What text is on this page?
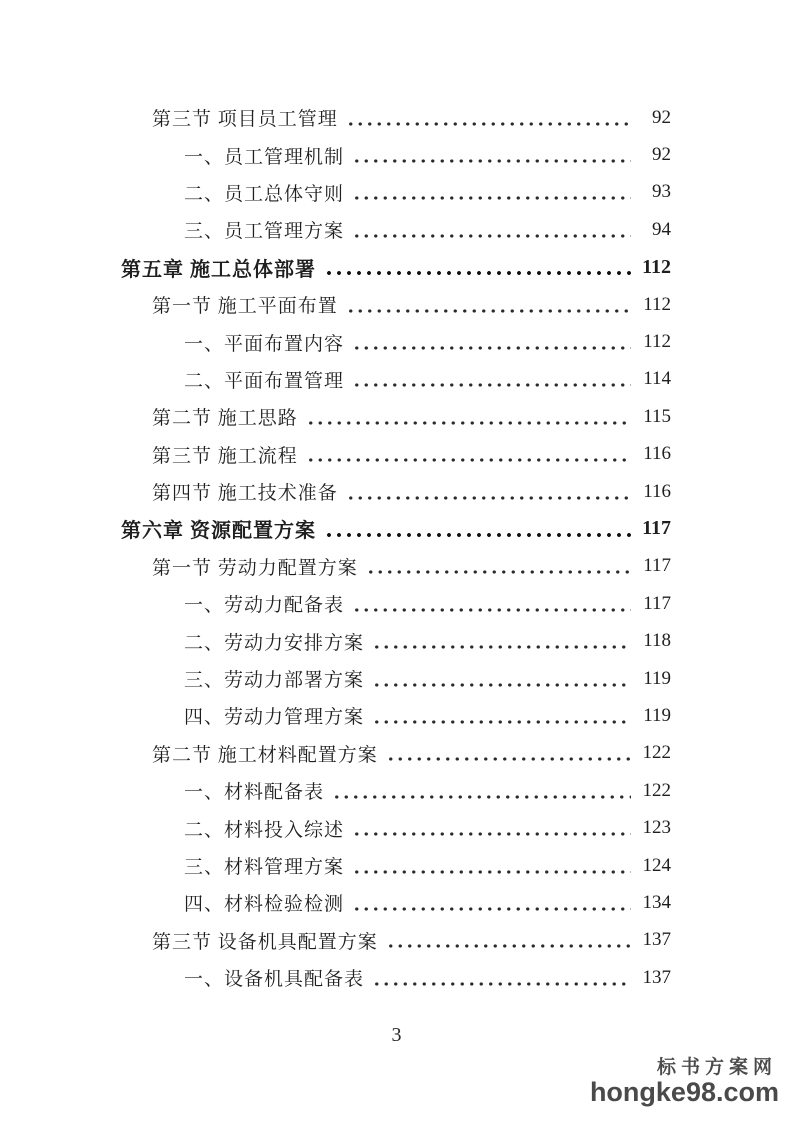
第三节 项目员工管理	92
一、员工管理机制	92
二、员工总体守则	93
三、员工管理方案	94
第五章 施工总体部署	112
第一节 施工平面布置	112
一、平面布置内容	112
二、平面布置管理	114
第二节 施工思路	115
第三节 施工流程	116
第四节 施工技术准备	116
第六章 资源配置方案	117
第一节 劳动力配置方案	117
一、劳动力配备表	117
二、劳动力安排方案	118
三、劳动力部署方案	119
四、劳动力管理方案	119
第二节 施工材料配置方案	122
一、材料配备表	122
二、材料投入综述	123
三、材料管理方案	124
四、材料检验检测	134
第三节 设备机具配置方案	137
一、设备机具配备表	137
3
标书方案网
hongke98.com
